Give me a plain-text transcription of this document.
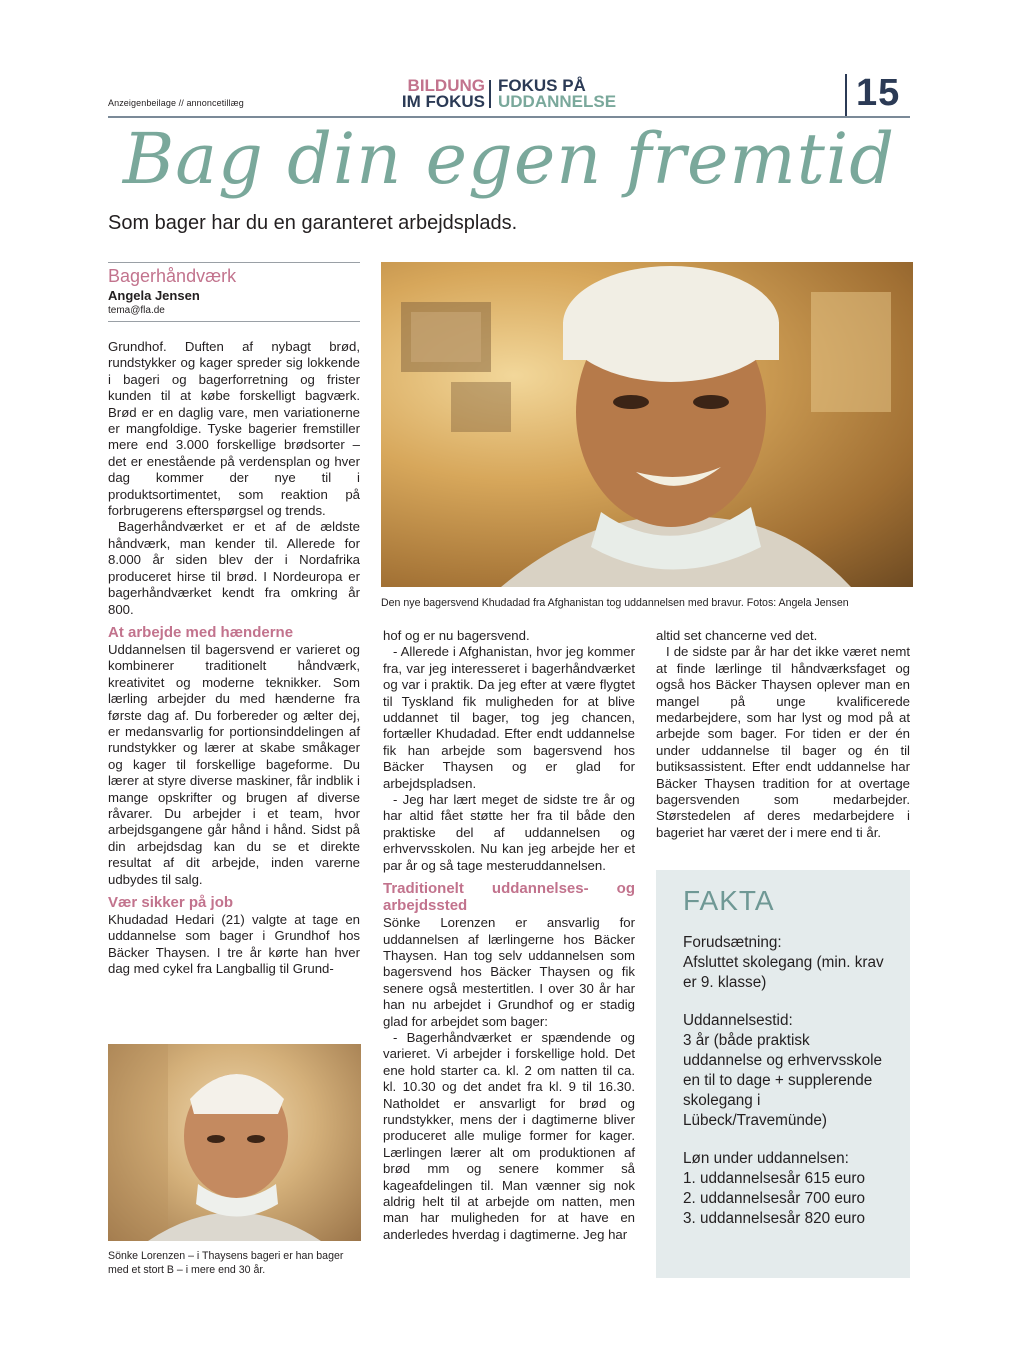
Anzeigenbeilage // annoncetillæg
BILDUNG
IM FOKUS
FOKUS PÅ
UDDANNELSE	15
Bag din egen fremtid
Som bager har du en garanteret arbejdsplads.
Bagerhåndværk
Angela Jensen
tema@fla.de

Grundhof. Duften af nybagt brød, rundstykker og kager spreder sig lokkende i bageri og bagerforretning og frister kunden til at købe forskelligt bagværk. Brød er en daglig vare, men variationerne er mangfoldige. Tyske bagerier fremstiller mere end 3.000 forskellige brødsorter – det er enestående på verdensplan og hver dag kommer der nye til i produktsortimentet, som reaktion på forbrugerens efterspørgsel og trends.

Bagerhåndværket er et af de ældste håndværk, man kender til. Allerede for 8.000 år siden blev der i Nordafrika produceret hirse til brød. I Nordeuropa er bagerhåndværket kendt fra omkring år 800.

At arbejde med hænderne

Uddannelsen til bagersvend er varieret og kombinerer traditionelt håndværk, kreativitet og moderne teknikker. Som lærling arbejder du med hænderne fra første dag af. Du forbereder og ælter dej, er medansvarlig for portionsinddelingen af rundstykker og lærer at skabe småkager og kager til forskellige bageforme. Du lærer at styre diverse maskiner, får indblik i mange opskrifter og brugen af diverse råvarer. Du arbejder i et team, hvor arbejdsgangene går hånd i hånd. Sidst på din arbejdsdag kan du se et direkte resultat af dit arbejde, inden varerne udbydes til salg.

Vær sikker på job

Khudadad Hedari (21) valgte at tage en uddannelse som bager i Grundhof hos Bäcker Thaysen. I tre år kørte han hver dag med cykel fra Langballig til Grund-

Den nye bagersvend Khudadad fra Afghanistan tog uddannelsen med bravur. Fotos: Angela Jensen

hof og er nu bagersvend.

- Allerede i Afghanistan, hvor jeg kommer fra, var jeg interesseret i bagerhåndværket og var i praktik. Da jeg efter at være flygtet til Tyskland fik muligheden for at blive uddannet til bager, tog jeg chancen, fortæller Khudadad. Efter endt uddannelse fik han arbejde som bagersvend hos Bäcker Thaysen og er glad for arbejdspladsen.

- Jeg har lært meget de sidste tre år og har altid fået støtte her fra til både den praktiske del af uddannelsen og erhvervsskolen. Nu kan jeg arbejde her et par år og så tage mesteruddannelsen.

Traditionelt uddannelses- og arbejdssted

Sönke Lorenzen er ansvarlig for uddannelsen af lærlingerne hos Bäcker Thaysen. Han tog selv uddannelsen som bagersvend hos Bäcker Thaysen og fik senere også mestertitlen. I over 30 år har han nu arbejdet i Grundhof og er stadig glad for arbejdet som bager:

- Bagerhåndværket er spændende og varieret. Vi arbejder i forskellige hold. Det ene hold starter ca. kl. 2 om natten til ca. kl. 10.30 og det andet fra kl. 9 til 16.30. Natholdet er ansvarligt for brød og rundstykker, mens der i dagtimerne bliver produceret alle mulige former for kager. Lærlingen lærer alt om produktionen af brød mm og senere kommer så kageafdelingen til. Man vænner sig nok aldrig helt til at arbejde om natten, men man har muligheden for at have en anderledes hverdag i dagtimerne. Jeg har

altid set chancerne ved det.

I de sidste par år har det ikke været nemt at finde lærlinge til håndværksfaget og også hos Bäcker Thaysen oplever man en mangel på unge kvalificerede medarbejdere, som har lyst og mod på at arbejde som bager. For tiden er der én under uddannelse til bager og én til butiksassistent. Efter endt uddannelse har Bäcker Thaysen tradition for at overtage bagersvenden som medarbejder. Størstedelen af deres medarbejdere i bageriet har været der i mere end ti år.

Sönke Lorenzen – i Thaysens bageri er han bager med et stort B – i mere end 30 år.
FAKTA

Forudsætning:
Afsluttet skolegang (min. krav er 9. klasse)

Uddannelsestid:
3 år (både praktisk uddannelse og erhvervsskole en til to dage + supplerende skolegang i Lübeck/Travemünde)

Løn under uddannelsen:
1. uddannelsesår 615 euro
2. uddannelsesår 700 euro
3. uddannelsesår 820 euro
